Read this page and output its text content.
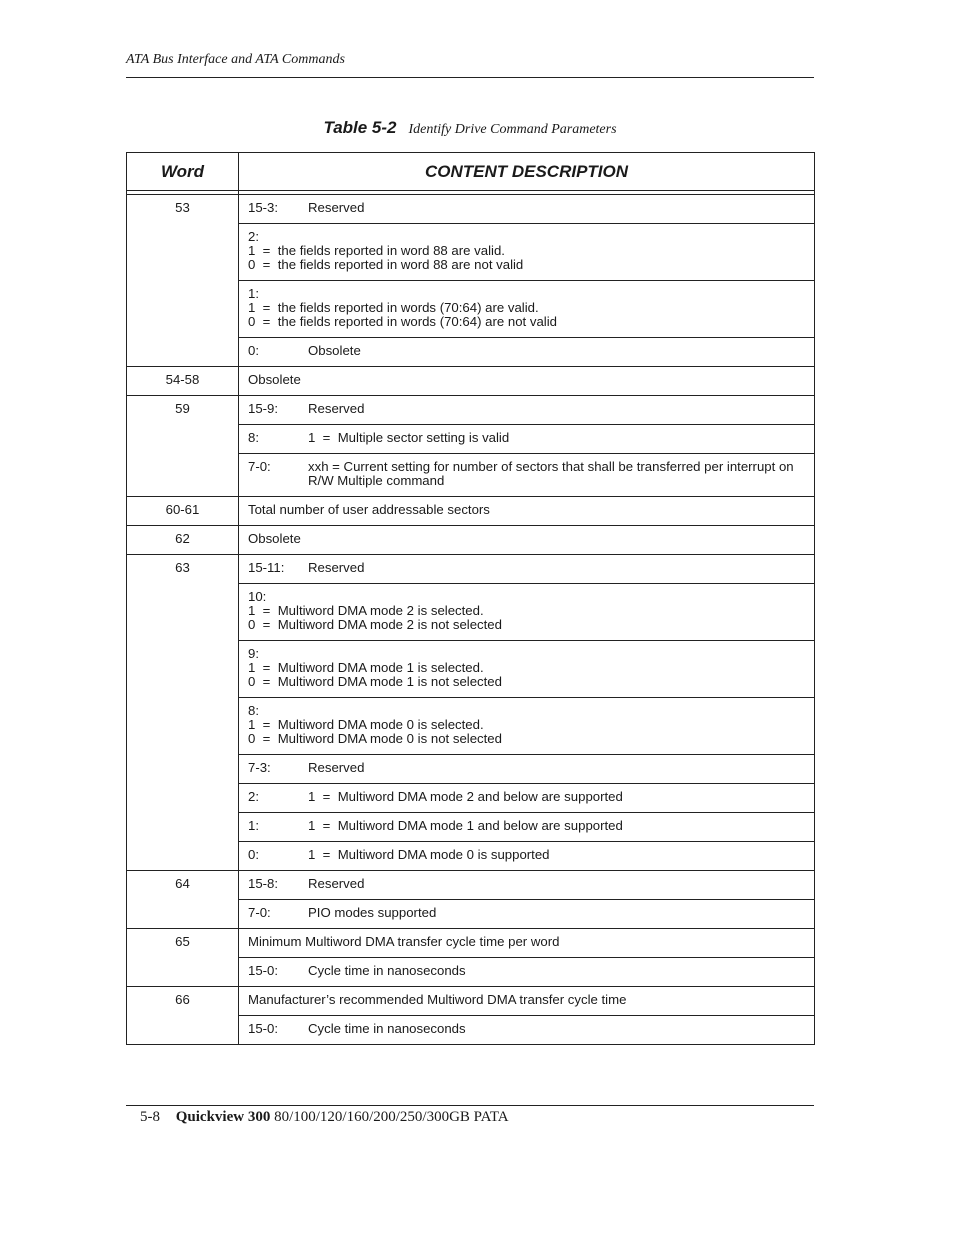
ATA Bus Interface and ATA Commands
Table 5-2 Identify Drive Command Parameters
Word	CONTENT DESCRIPTION

53	15-3: Reserved

	2:
1  =  the fields reported in word 88 are valid.
0  =  the fields reported in word 88 are not valid

	1:
1  =  the fields reported in words (70:64) are valid.
0  =  the fields reported in words (70:64) are not valid

	0: Obsolete
54-58	Obsolete
59	15-9: Reserved
	8: 1  =  Multiple sector setting is valid

	7-0: xxh = Current setting for number of sectors that shall be transferred per interrupt on R/W Multiple command

60-61	Total number of user addressable sectors
62	Obsolete
63	15-11: Reserved

	10:
1  =  Multiword DMA mode 2 is selected.
0  =  Multiword DMA mode 2 is not selected

	9:
1  =  Multiword DMA mode 1 is selected.
0  =  Multiword DMA mode 1 is not selected

	8:
1  =  Multiword DMA mode 0 is selected.
0  =  Multiword DMA mode 0 is not selected

	7-3: Reserved
	2: 1  =  Multiword DMA mode 2 and below are supported
	1: 1  =  Multiword DMA mode 1 and below are supported
	0: 1  =  Multiword DMA mode 0 is supported
64	15-8: Reserved
	7-0: PIO modes supported
65	Minimum Multiword DMA transfer cycle time per word
	15-0: Cycle time in nanoseconds
66	Manufacturer’s recommended Multiword DMA transfer cycle time
	15-0: Cycle time in nanoseconds
5-8 Quickview 300 80/100/120/160/200/250/300GB PATA
